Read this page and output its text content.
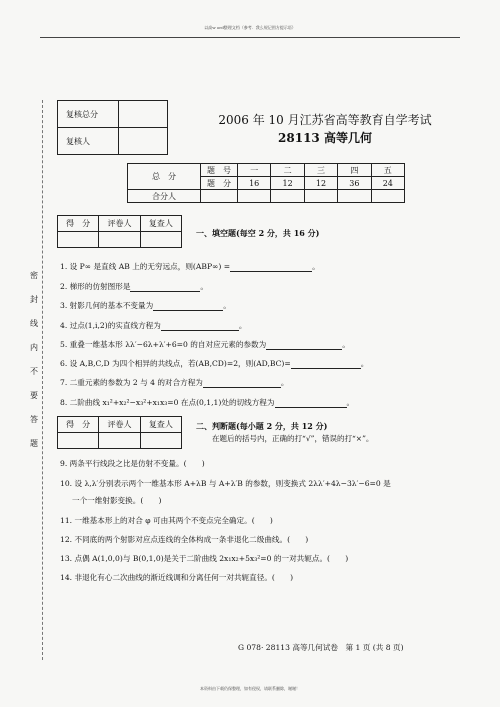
以高w ord整理文档（参考．我么规记图方提示语）
复核总分	
复核人	
2006 年 10 月江苏省高等教育自学考试
28113 高等几何
总　分	题　号	一	二	三	四	五
	题　分	16	12	12	36	24
合分人						
密
封
线
内
不
要
答
题
得　分	评卷人	复查人

一、填空题(每空 2 分，共 16 分)
1. 设 P∞ 是直线 AB 上的无穷远点，则(ABP∞) =	。
2. 梯形的仿射图形是	。
3. 射影几何的基本不变量为	。
4. 过点(1,i,2)的实直线方程为	。
5. 重叠一维基本形 λλ′−6λ+λ′+6=0 的自对应元素的参数为	。
6. 设 A,B,C,D 为四个相异的共线点，若(AB,CD)=2，则(AD,BC)=	。
7. 二重元素的参数为 2 与 4 的对合方程为	。
8. 二阶曲线 x₁²+x₂²−x₃²+x₁x₃=0 在点(0,1,1)处的切线方程为	。
得　分	评卷人	复查人
			二、判断题(每小题 2 分，共 12 分)
在题后的括号内，正确的打“√”，错误的打“×”。
9. 两条平行线段之比是仿射不变量。(　　)
10. 设 λ,λ′分别表示两个一维基本形 A+λB 与 A+λ′B 的参数，则变换式 2λλ′+4λ−3λ′−6=0 是
一个一维射影变换。(　　)
11. 一维基本形上的对合 φ 可由其两个不变点完全确定。(　　)
12. 不同底的两个射影对应点连线的全体构成一条非退化二级曲线。(　　)
13. 点偶 A(1,0,0)与 B(0,1,0)是关于二阶曲线 2x₁x₂+5x₃²=0 的一对共轭点。(　　)
14. 非退化有心二次曲线的渐近线调和分离任何一对共轭直径。(　　)
G 078· 28113 高等几何试卷　第 1 页 (共 8 页)
本资料由下载仍保整理，如有侵权，请联系删除，谢谢！
